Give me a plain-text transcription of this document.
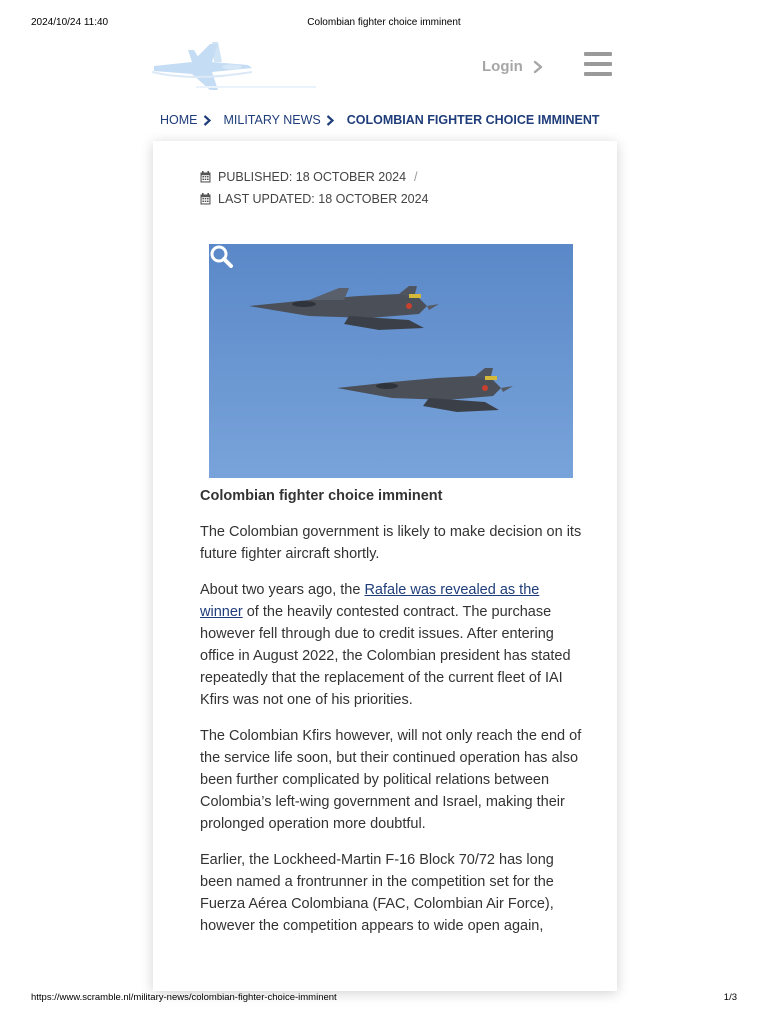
2024/10/24 11:40	Colombian fighter choice imminent
Login
HOME MILITARY NEWS COLOMBIAN FIGHTER CHOICE IMMINENT
PUBLISHED: 18 OCTOBER 2024 /
LAST UPDATED: 18 OCTOBER 2024
Colombian fighter choice imminent

The Colombian government is likely to make decision on its future fighter aircraft shortly.

About two years ago, the Rafale was revealed as the winner of the heavily contested contract. The purchase however fell through due to credit issues. After entering office in August 2022, the Colombian president has stated repeatedly that the replacement of the current fleet of IAI Kfirs was not one of his priorities.

The Colombian Kfirs however, will not only reach the end of the service life soon, but their continued operation has also been further complicated by political relations between Colombia’s left-wing government and Israel, making their prolonged operation more doubtful.

Earlier, the Lockheed-Martin F-16 Block 70/72 has long been named a frontrunner in the competition set for the Fuerza Aérea Colombiana (FAC, Colombian Air Force), however the competition appears to wide open again,

https://www.scramble.nl/military-news/colombian-fighter-choice-imminent	1/3
